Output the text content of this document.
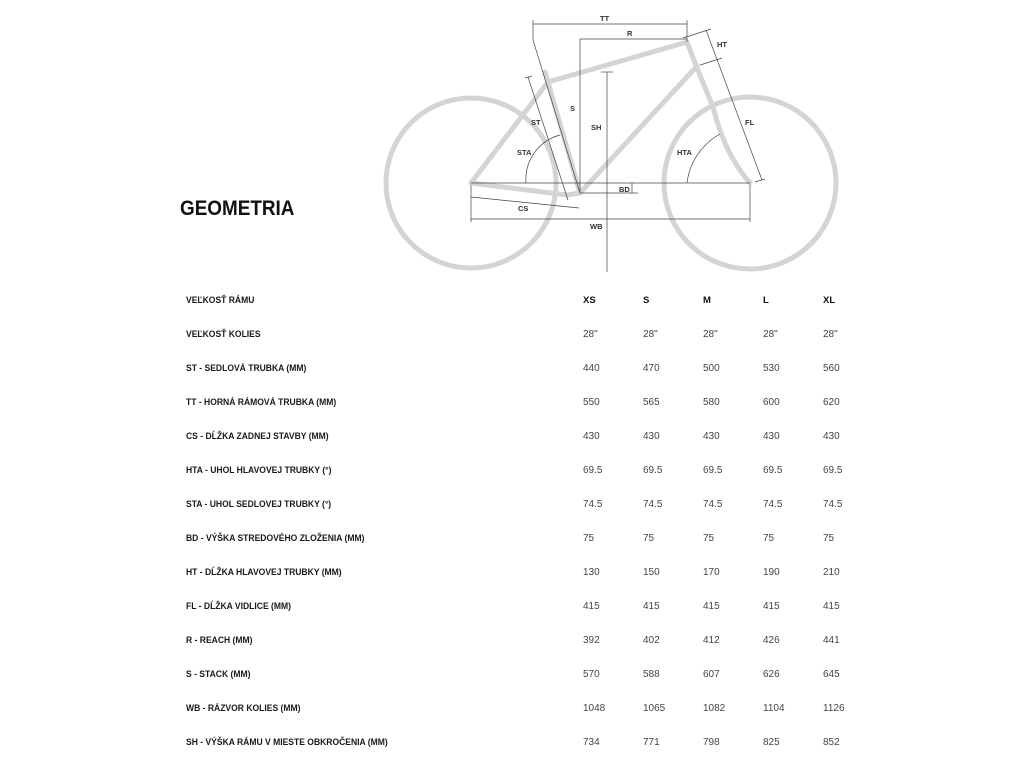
TT
R
HT
S
SH
ST
STA
FL
HTA
BD
CS
WB
GEOMETRIA
VEĽKOSŤ RÁMU	XS	S	M	L	XL
VEĽKOSŤ KOLIES	28"	28"	28"	28"	28"
ST - SEDLOVÁ TRUBKA (MM)	440	470	500	530	560
TT - HORNÁ RÁMOVÁ TRUBKA (MM)	550	565	580	600	620
CS - DĹŽKA ZADNEJ STAVBY (MM)	430	430	430	430	430
HTA - UHOL HLAVOVEJ TRUBKY (°)	69.5	69.5	69.5	69.5	69.5
STA - UHOL SEDLOVEJ TRUBKY (°)	74.5	74.5	74.5	74.5	74.5
BD - VÝŠKA STREDOVÉHO ZLOŽENIA (MM)	75	75	75	75	75
HT - DĹŽKA HLAVOVEJ TRUBKY (MM)	130	150	170	190	210
FL - DĹŽKA VIDLICE (MM)	415	415	415	415	415
R - REACH (MM)	392	402	412	426	441
S - STACK (MM)	570	588	607	626	645
WB - RÁZVOR KOLIES (MM)	1048	1065	1082	1104	1126
SH - VÝŠKA RÁMU V MIESTE OBKROČENIA (MM)	734	771	798	825	852
